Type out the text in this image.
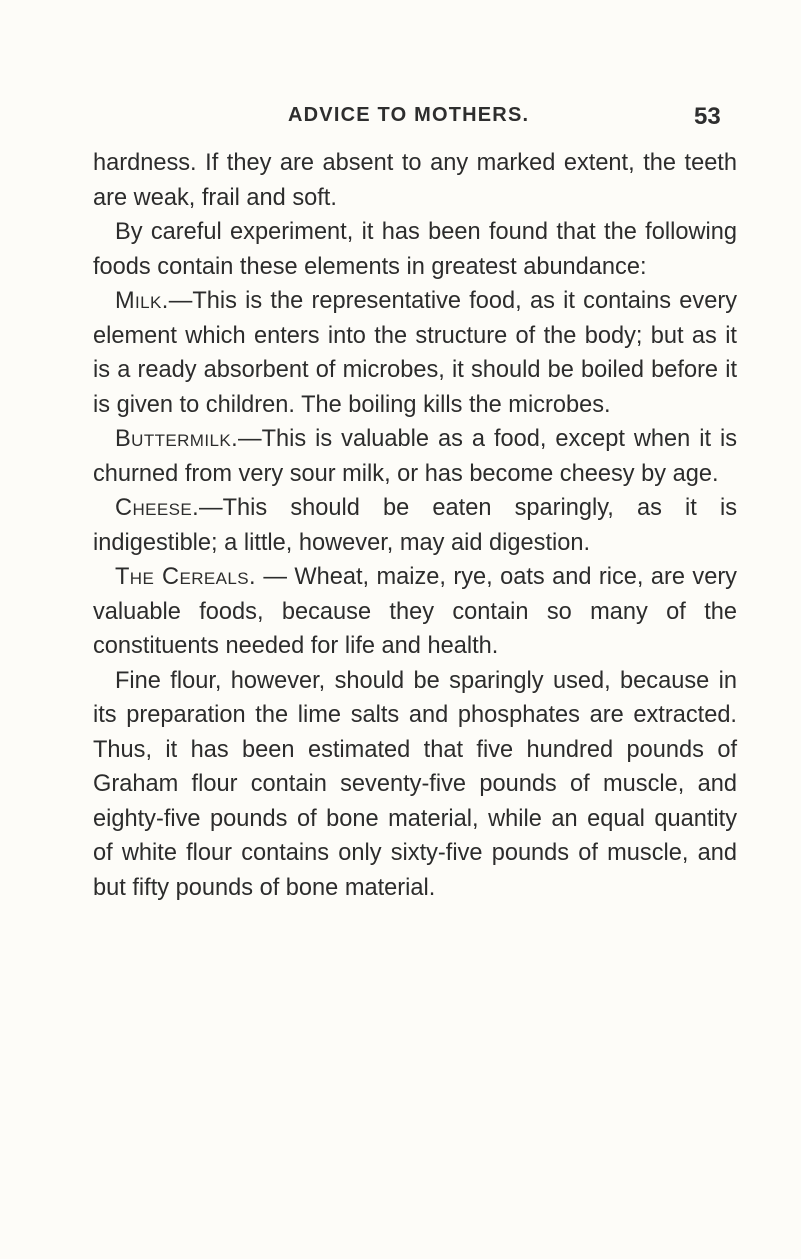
ADVICE TO MOTHERS.	53

hardness. If they are absent to any marked extent, the teeth are weak, frail and soft.

By careful experiment, it has been found that the following foods contain these elements in greatest abundance:

Milk.—This is the representative food, as it contains every element which enters into the structure of the body; but as it is a ready absorbent of microbes, it should be boiled before it is given to children. The boiling kills the microbes.

Buttermilk.—This is valuable as a food, except when it is churned from very sour milk, or has become cheesy by age.

Cheese.—This should be eaten sparingly, as it is indigestible; a little, however, may aid digestion.

The Cereals. — Wheat, maize, rye, oats and rice, are very valuable foods, because they contain so many of the constituents needed for life and health.

Fine flour, however, should be sparingly used, because in its preparation the lime salts and phosphates are extracted. Thus, it has been estimated that five hundred pounds of Graham flour contain seventy-five pounds of muscle, and eighty-five pounds of bone material, while an equal quantity of white flour contains only sixty-five pounds of muscle, and but fifty pounds of bone material.
